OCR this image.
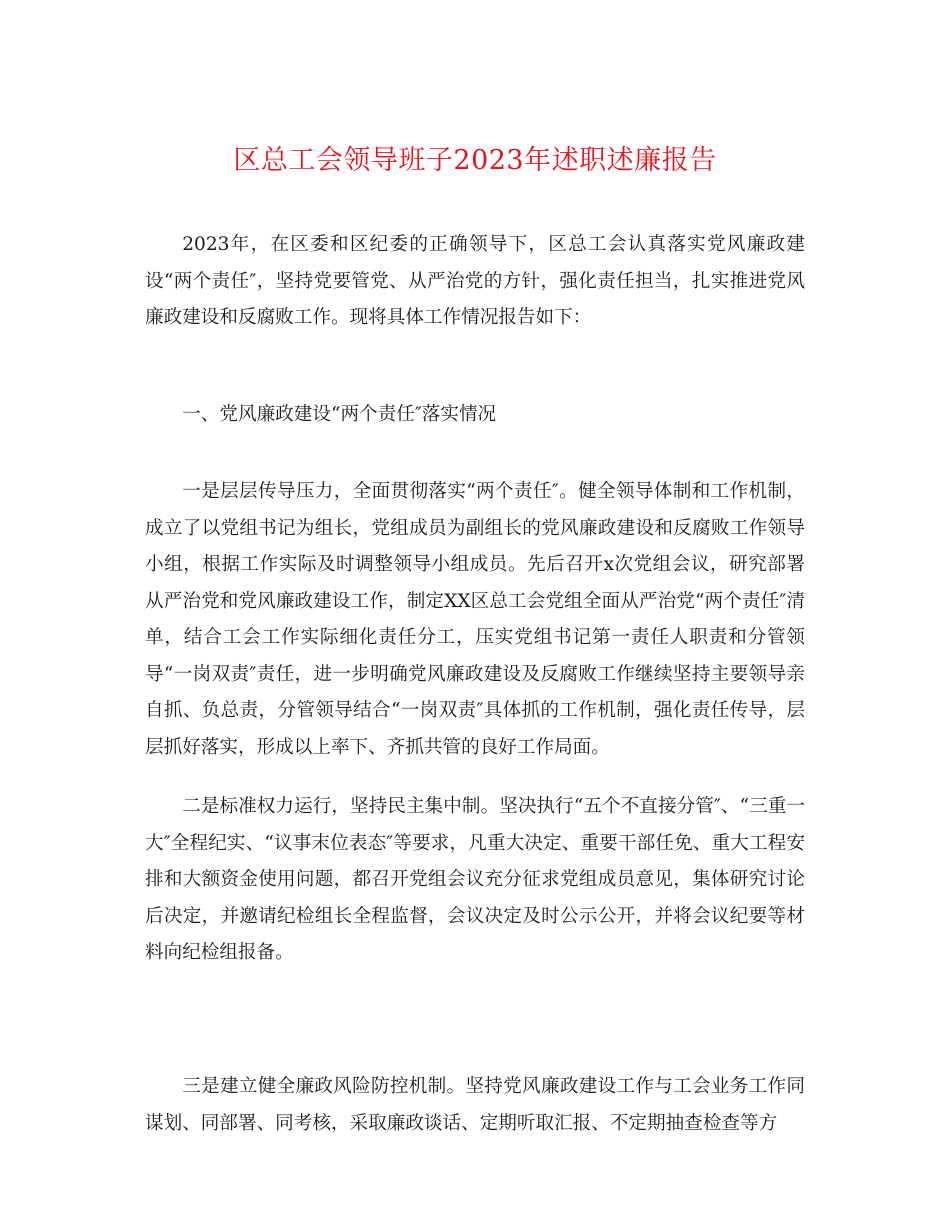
区总工会领导班子2023年述职述廉报告

2023年，在区委和区纪委的正确领导下，区总工会认真落实党风廉政建设“两个责任″，坚持党要管党、从严治党的方针，强化责任担当，扎实推进党风廉政建设和反腐败工作。现将具体工作情况报告如下：

一、党风廉政建设“两个责任″落实情况

一是层层传导压力，全面贯彻落实“两个责任″。健全领导体制和工作机制，成立了以党组书记为组长，党组成员为副组长的党风廉政建设和反腐败工作领导小组，根据工作实际及时调整领导小组成员。先后召开x次党组会议，研究部署从严治党和党风廉政建设工作，制定XX区总工会党组全面从严治党“两个责任″清单，结合工会工作实际细化责任分工，压实党组书记第一责任人职责和分管领导“一岗双责″责任，进一步明确党风廉政建设及反腐败工作继续坚持主要领导亲自抓、负总责，分管领导结合“一岗双责″具体抓的工作机制，强化责任传导，层层抓好落实，形成以上率下、齐抓共管的良好工作局面。

二是标准权力运行，坚持民主集中制。坚决执行“五个不直接分管″、“三重一大″全程纪实、“议事末位表态″等要求，凡重大决定、重要干部任免、重大工程安排和大额资金使用问题，都召开党组会议充分征求党组成员意见，集体研究讨论后决定，并邀请纪检组长全程监督，会议决定及时公示公开，并将会议纪要等材料向纪检组报备。

三是建立健全廉政风险防控机制。坚持党风廉政建设工作与工会业务工作同谋划、同部署、同考核，采取廉政谈话、定期听取汇报、不定期抽查检查等方
